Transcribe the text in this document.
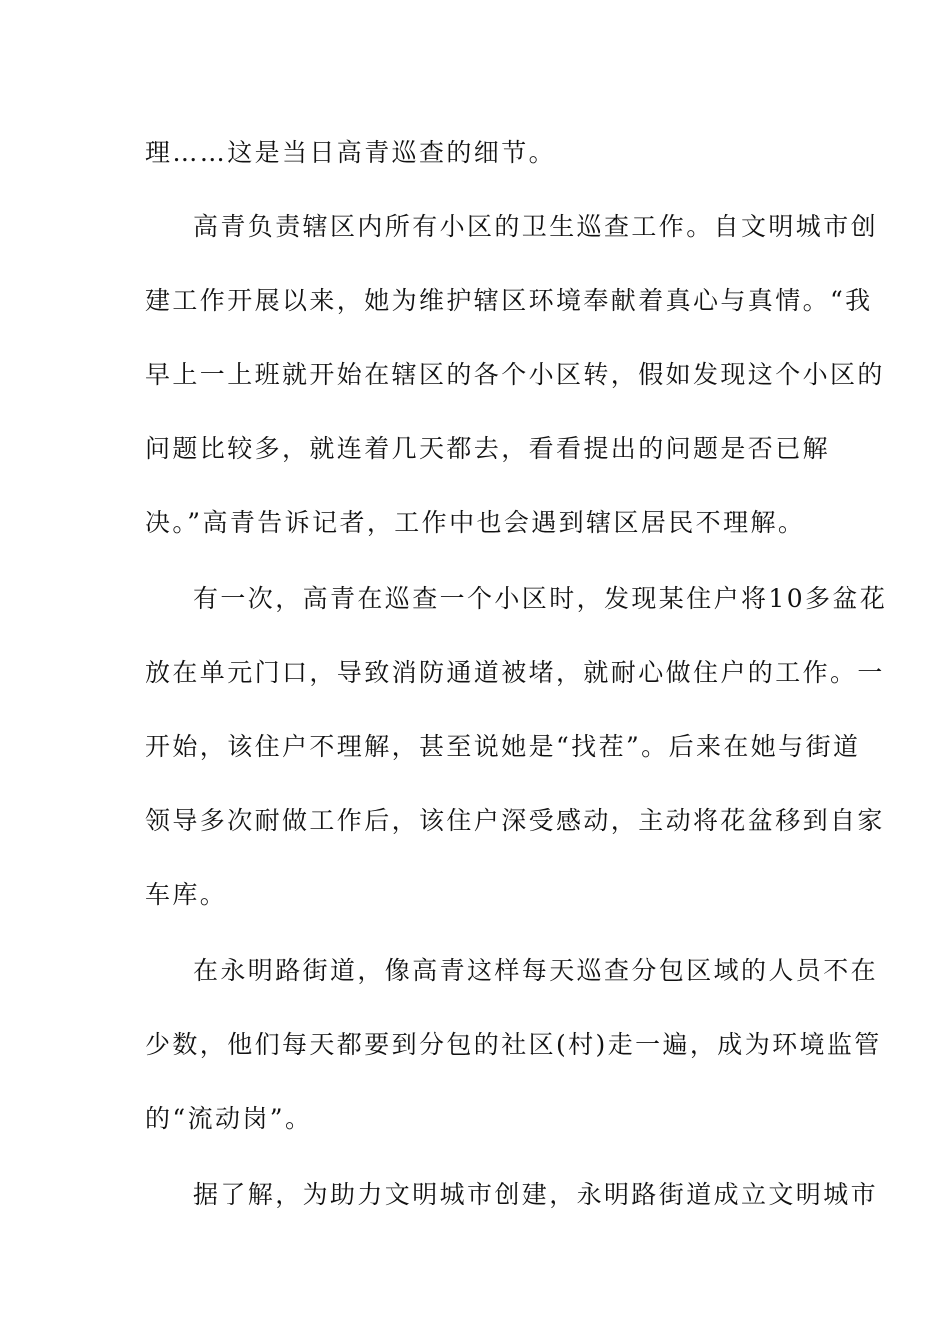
理……这是当日高青巡查的细节。
高青负责辖区内所有小区的卫生巡查工作。自文明城市创
建工作开展以来，她为维护辖区环境奉献着真心与真情。“我
早上一上班就开始在辖区的各个小区转，假如发现这个小区的
问题比较多，就连着几天都去，看看提出的问题是否已解
决。”高青告诉记者，工作中也会遇到辖区居民不理解。
有一次，高青在巡查一个小区时，发现某住户将10多盆花
放在单元门口，导致消防通道被堵，就耐心做住户的工作。一
开始，该住户不理解，甚至说她是“找茬”。后来在她与街道
领导多次耐做工作后，该住户深受感动，主动将花盆移到自家
车库。
在永明路街道，像高青这样每天巡查分包区域的人员不在
少数，他们每天都要到分包的社区(村)走一遍，成为环境监管
的“流动岗”。
据了解，为助力文明城市创建，永明路街道成立文明城市
